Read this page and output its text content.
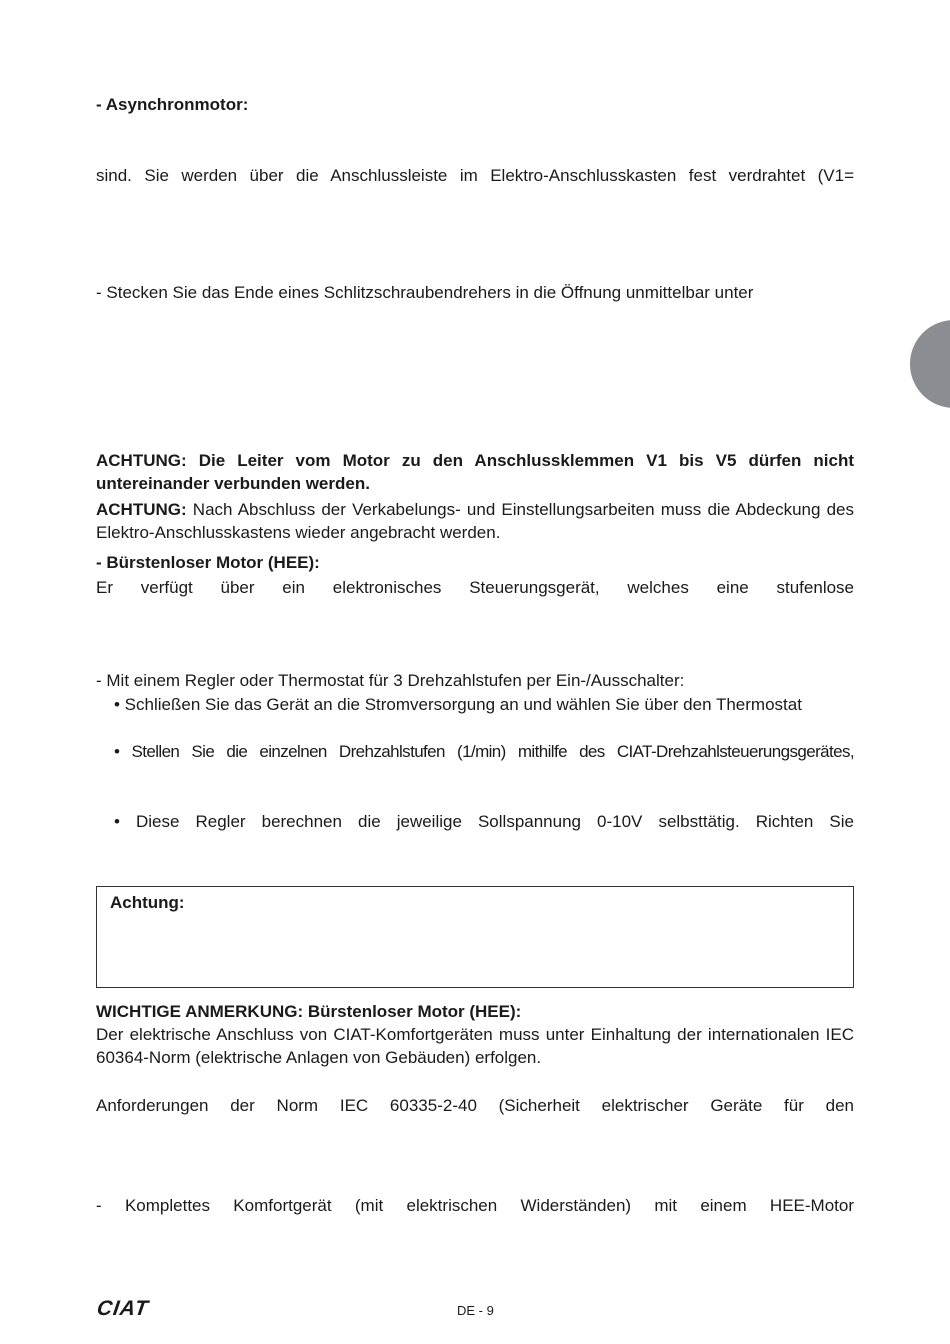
- Asynchronmotor:
sind. Sie werden über die Anschlussleiste im Elektro-Anschlusskasten fest verdrahtet (V1=
- Stecken Sie das Ende eines Schlitzschraubendrehers in die Öffnung unmittelbar unter
ACHTUNG: Die Leiter vom Motor zu den Anschlussklemmen V1 bis V5 dürfen nicht untereinander verbunden werden.
ACHTUNG: Nach Abschluss der Verkabelungs- und Einstellungsarbeiten muss die Abdeckung des Elektro-Anschlusskastens wieder angebracht werden.
- Bürstenloser Motor (HEE):
Er verfügt über ein elektronisches Steuerungsgerät, welches eine stufenlose
- Mit einem Regler oder Thermostat für 3 Drehzahlstufen per Ein-/Ausschalter:
• Schließen Sie das Gerät an die Stromversorgung an und wählen Sie über den Thermostat
• Stellen Sie die einzelnen Drehzahlstufen (1/min) mithilfe des CIAT-Drehzahlsteuerungsgerätes,
• Diese Regler berechnen die jeweilige Sollspannung 0-10V selbsttätig. Richten Sie
Achtung:
WICHTIGE ANMERKUNG: Bürstenloser Motor (HEE):
Der elektrische Anschluss von CIAT-Komfortgeräten muss unter Einhaltung der internationalen IEC 60364-Norm (elektrische Anlagen von Gebäuden) erfolgen.
Anforderungen der Norm IEC 60335-2-40 (Sicherheit elektrischer Geräte für den
- Komplettes Komfortgerät (mit elektrischen Widerständen) mit einem HEE-Motor
CIAT	DE - 9
